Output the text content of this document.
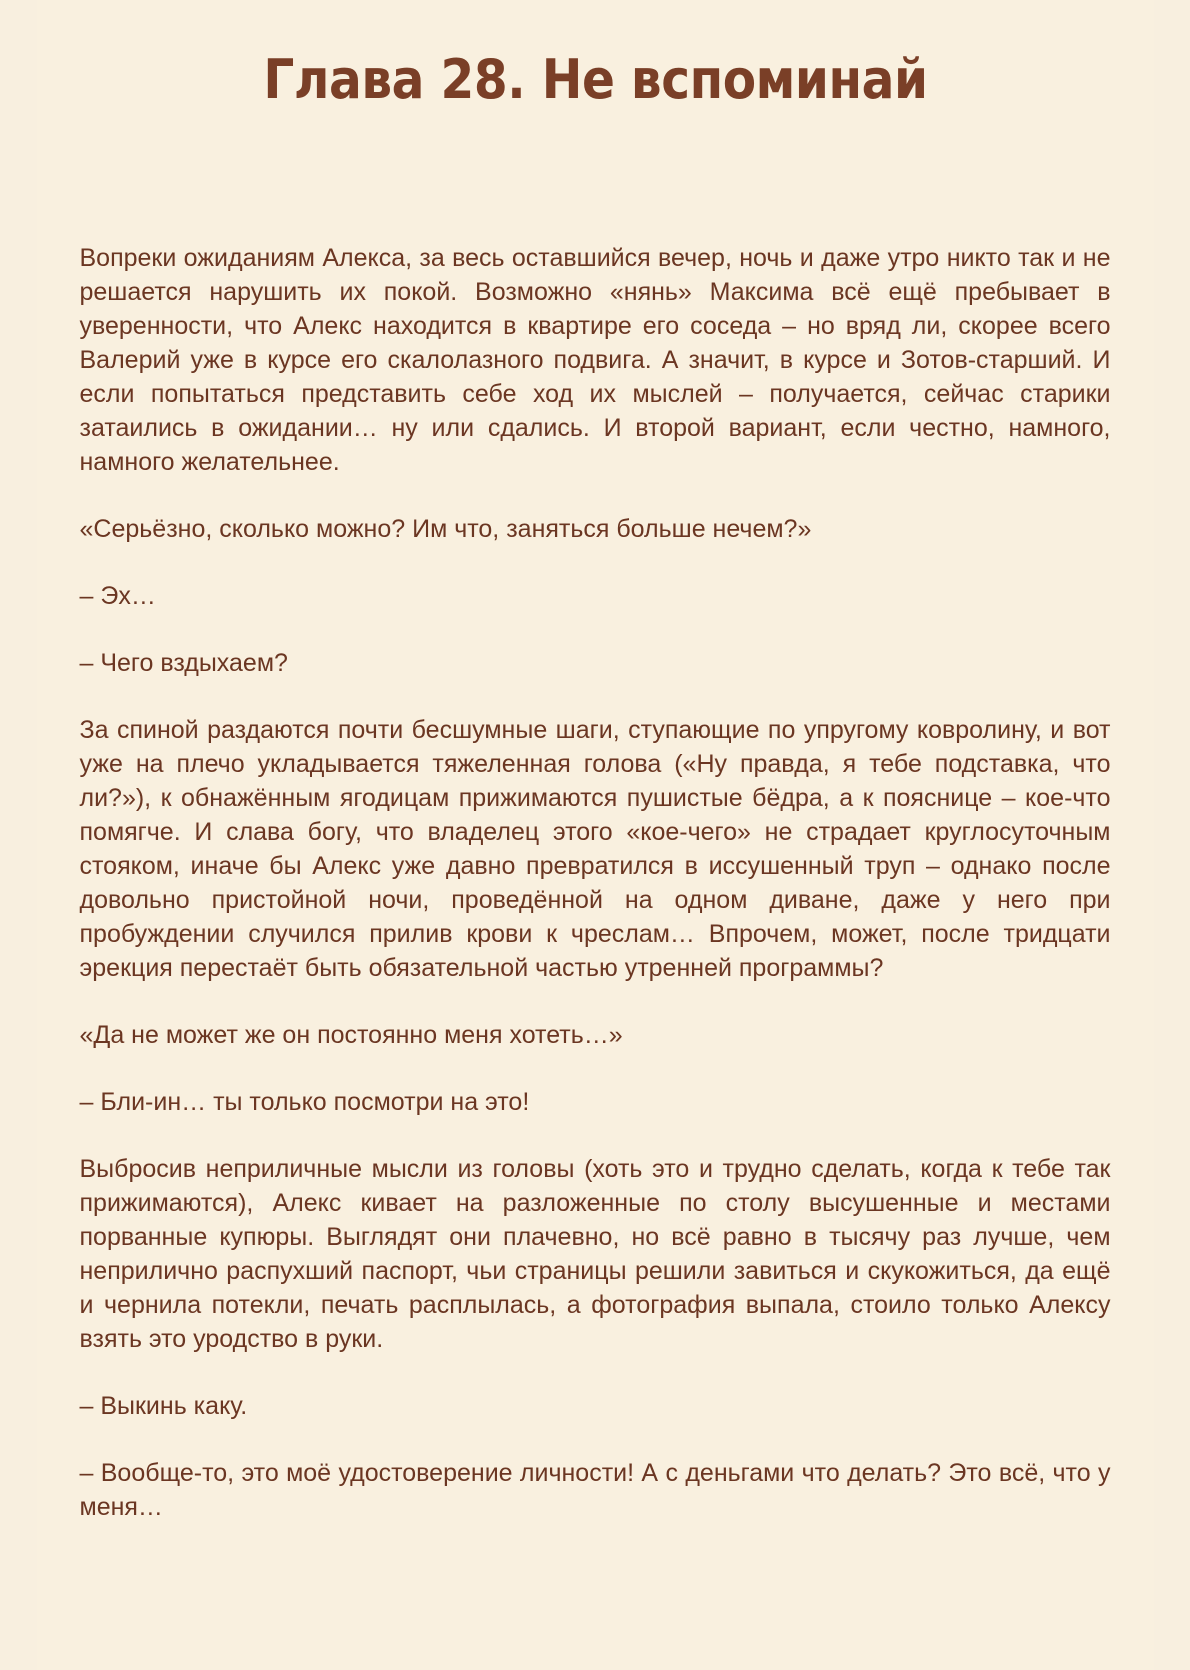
Глава 28. Не вспоминай

Вопреки ожиданиям Алекса, за весь оставшийся вечер, ночь и даже утро никто так и не решается нарушить их покой. Возможно «нянь» Максима всё ещё пребывает в уверенности, что Алекс находится в квартире его соседа – но вряд ли, скорее всего Валерий уже в курсе его скалолазного подвига. А значит, в курсе и Зотов-старший. И если попытаться представить себе ход их мыслей – получается, сейчас старики затаились в ожидании… ну или сдались. И второй вариант, если честно, намного, намного желательнее.

«Серьёзно, сколько можно? Им что, заняться больше нечем?»

– Эх…

– Чего вздыхаем?

За спиной раздаются почти бесшумные шаги, ступающие по упругому ковролину, и вот уже на плечо укладывается тяжеленная голова («Ну правда, я тебе подставка, что ли?»), к обнажённым ягодицам прижимаются пушистые бёдра, а к пояснице – кое-что помягче. И слава богу, что владелец этого «кое-чего» не страдает круглосуточным стояком, иначе бы Алекс уже давно превратился в иссушенный труп – однако после довольно пристойной ночи, проведённой на одном диване, даже у него при пробуждении случился прилив крови к чреслам… Впрочем, может, после тридцати эрекция перестаёт быть обязательной частью утренней программы?

«Да не может же он постоянно меня хотеть…»

– Бли-ин… ты только посмотри на это!

Выбросив неприличные мысли из головы (хоть это и трудно сделать, когда к тебе так прижимаются), Алекс кивает на разложенные по столу высушенные и местами порванные купюры. Выглядят они плачевно, но всё равно в тысячу раз лучше, чем неприлично распухший паспорт, чьи страницы решили завиться и скукожиться, да ещё и чернила потекли, печать расплылась, а фотография выпала, стоило только Алексу взять это уродство в руки.

– Выкинь каку.

– Вообще-то, это моё удостоверение личности! А с деньгами что делать? Это всё, что у меня…
